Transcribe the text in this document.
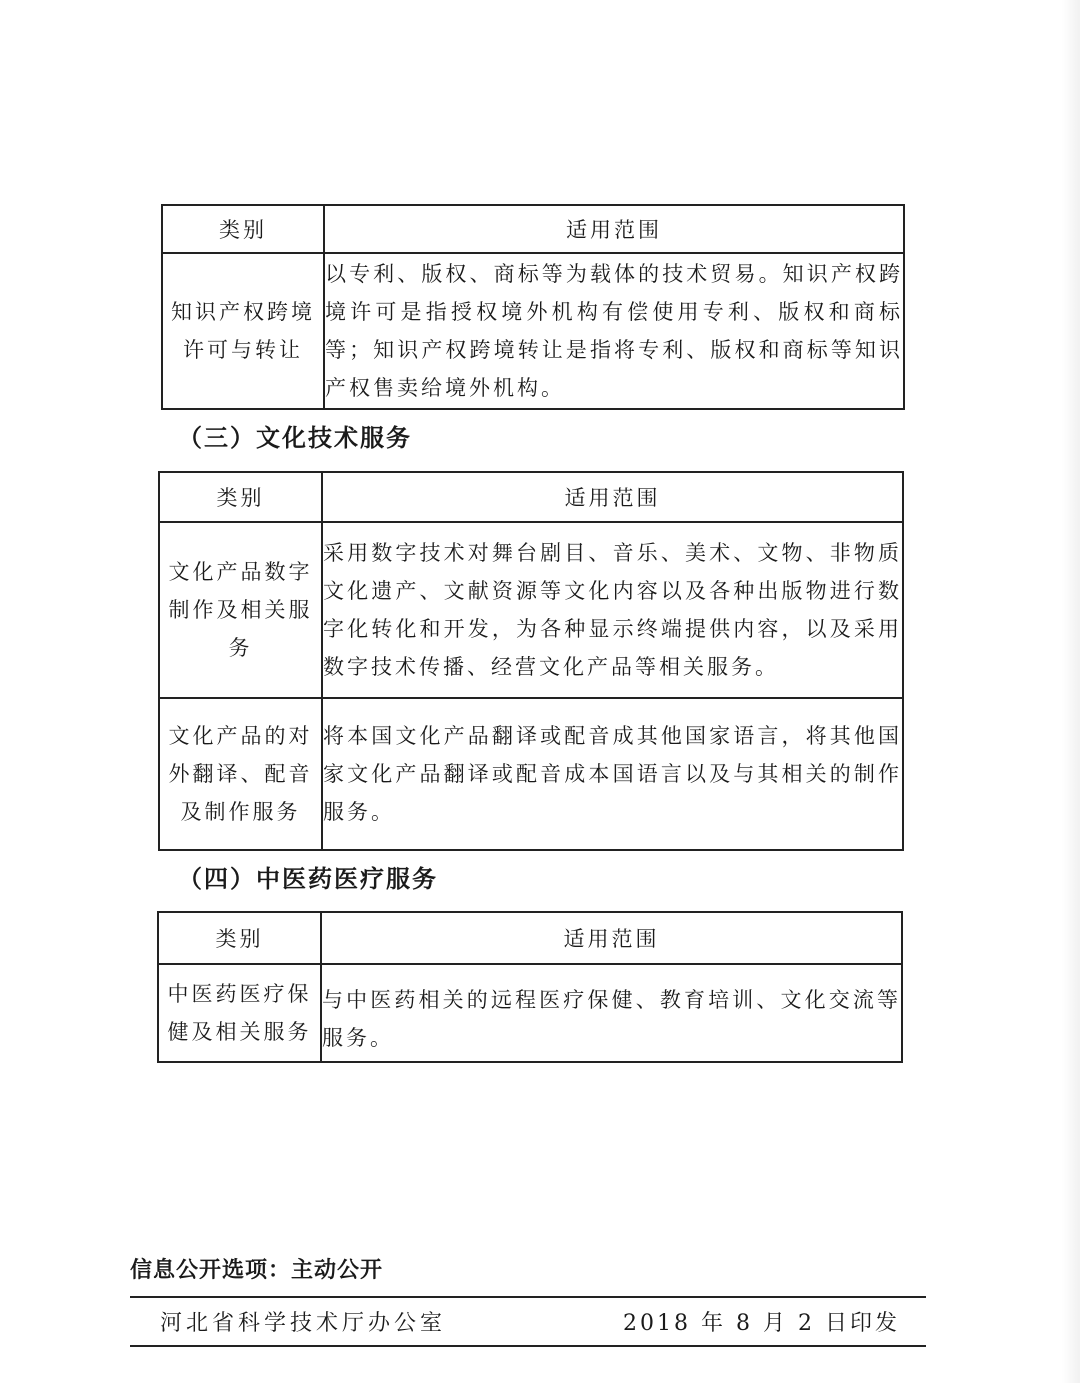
类别	适用范围
知识产权跨境许可与转让	以专利、版权、商标等为载体的技术贸易。知识产权跨境许可是指授权境外机构有偿使用专利、版权和商标等；知识产权跨境转让是指将专利、版权和商标等知识产权售卖给境外机构。
（三）文化技术服务
类别	适用范围
文化产品数字制作及相关服务	采用数字技术对舞台剧目、音乐、美术、文物、非物质文化遗产、文献资源等文化内容以及各种出版物进行数字化转化和开发，为各种显示终端提供内容，以及采用数字技术传播、经营文化产品等相关服务。
文化产品的对外翻译、配音及制作服务	将本国文化产品翻译或配音成其他国家语言，将其他国家文化产品翻译或配音成本国语言以及与其相关的制作服务。
（四）中医药医疗服务
类别	适用范围
中医药医疗保健及相关服务	与中医药相关的远程医疗保健、教育培训、文化交流等服务。
信息公开选项：主动公开
河北省科学技术厅办公室	2018 年 8 月 2 日印发
